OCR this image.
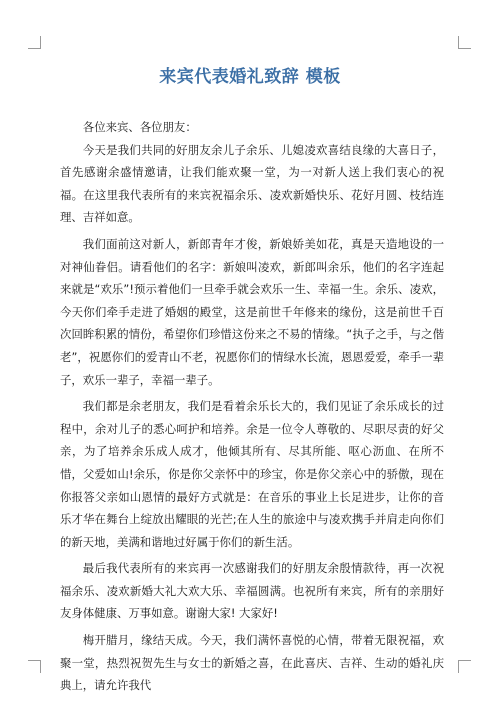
来宾代表婚礼致辞 模板

各位来宾、各位朋友：

今天是我们共同的好朋友余儿子余乐、儿媳凌欢喜结良缘的大喜日子，首先感谢余盛情邀请，让我们能欢聚一堂，为一对新人送上我们衷心的祝福。在这里我代表所有的来宾祝福余乐、凌欢新婚快乐、花好月圆、枝结连理、吉祥如意。

我们面前这对新人，新郎青年才俊，新娘娇美如花，真是天造地设的一对神仙眷侣。请看他们的名字：新娘叫凌欢，新郎叫余乐，他们的名字连起来就是“欢乐”!预示着他们一旦牵手就会欢乐一生、幸福一生。余乐、凌欢，今天你们牵手走进了婚姻的殿堂，这是前世千年修来的缘份，这是前世千百次回眸积累的情份，希望你们珍惜这份来之不易的情缘。“执子之手，与之偕老”，祝愿你们的爱青山不老，祝愿你们的情绿水长流，恩恩爱爱，牵手一辈子，欢乐一辈子，幸福一辈子。

我们都是余老朋友，我们是看着余乐长大的，我们见证了余乐成长的过程中，余对儿子的悉心呵护和培养。余是一位令人尊敬的、尽职尽责的好父亲，为了培养余乐成人成才，他倾其所有、尽其所能、呕心沥血、在所不惜，父爱如山!余乐，你是你父亲怀中的珍宝，你是你父亲心中的骄傲，现在你报答父亲如山恩情的最好方式就是：在音乐的事业上长足进步，让你的音乐才华在舞台上绽放出耀眼的光芒;在人生的旅途中与凌欢携手并肩走向你们的新天地，美满和谐地过好属于你们的新生活。

最后我代表所有的来宾再一次感谢我们的好朋友余殷情款待，再一次祝福余乐、凌欢新婚大礼大欢大乐、幸福圆满。也祝所有来宾，所有的亲朋好友身体健康、万事如意。谢谢大家! 大家好!

梅开腊月，缘结天成。今天，我们满怀喜悦的心情，带着无限祝福，欢聚一堂，热烈祝贺先生与女士的新婚之喜，在此喜庆、吉祥、生动的婚礼庆典上，请允许我代
